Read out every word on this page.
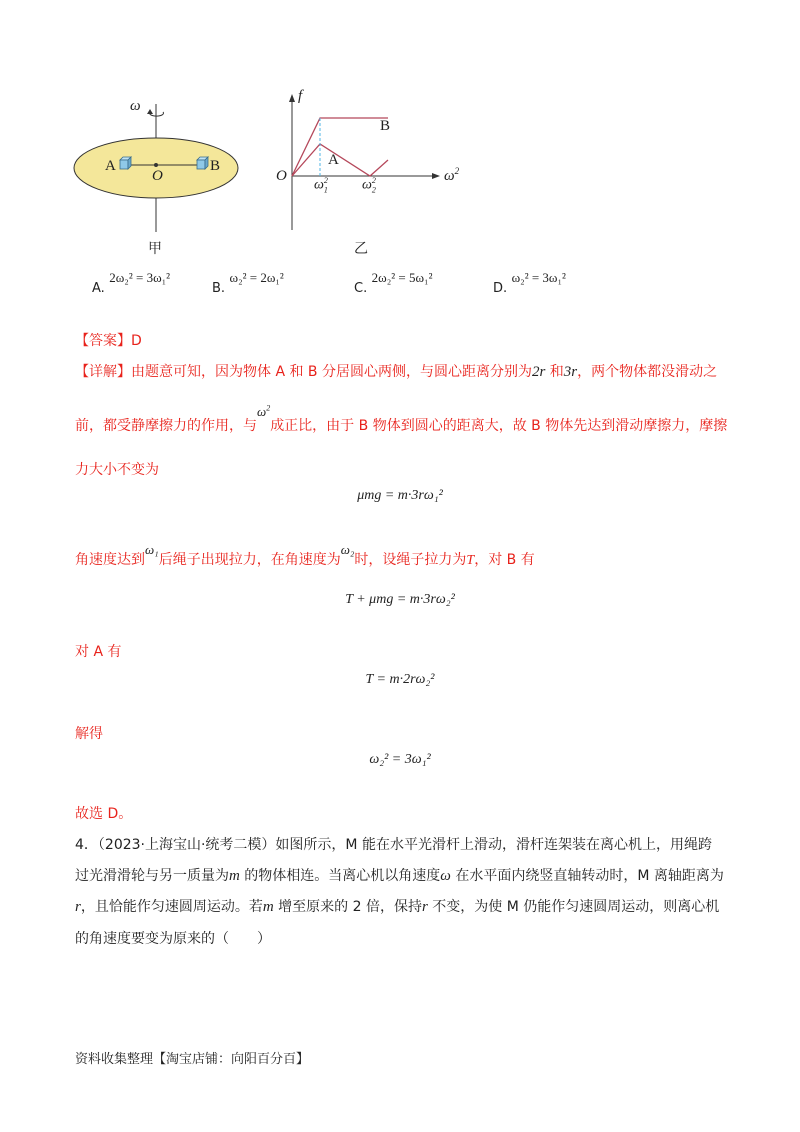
ω
A	B
O
甲
f
$\omega^2$
O
B
A
$\omega_1^2$ $\omega_2^2$
乙
A. 2ω₂² = 3ω₁²
B. ω₂² = 2ω₁²
C. 2ω₂² = 5ω₁²
D. ω₂² = 3ω₁²
【答案】D
【详解】由题意可知，因为物体 A 和 B 分居圆心两侧，与圆心距离分别为2r 和3r，两个物体都没滑动之
前，都受静摩擦力的作用，与$\omega^2$成正比，由于 B 物体到圆心的距离大，故 B 物体先达到滑动摩擦力，摩擦
力大小不变为
μmg = m·3rω₁²
角速度达到ω₁后绳子出现拉力，在角速度为ω₂时，设绳子拉力为T，对 B 有
T + μmg = m·3rω₂²
对 A 有
T = m·2rω₂²
解得
ω₂² = 3ω₁²
故选 D。
4．（2023·上海宝山·统考二模）如图所示，M 能在水平光滑杆上滑动，滑杆连架装在离心机上，用绳跨
过光滑滑轮与另一质量为m 的物体相连。当离心机以角速度ω 在水平面内绕竖直轴转动时，M 离轴距离为
r，且恰能作匀速圆周运动。若m 增至原来的 2 倍，保持r 不变，为使 M 仍能作匀速圆周运动，则离心机
的角速度要变为原来的（　　）
资料收集整理【淘宝店铺：向阳百分百】
